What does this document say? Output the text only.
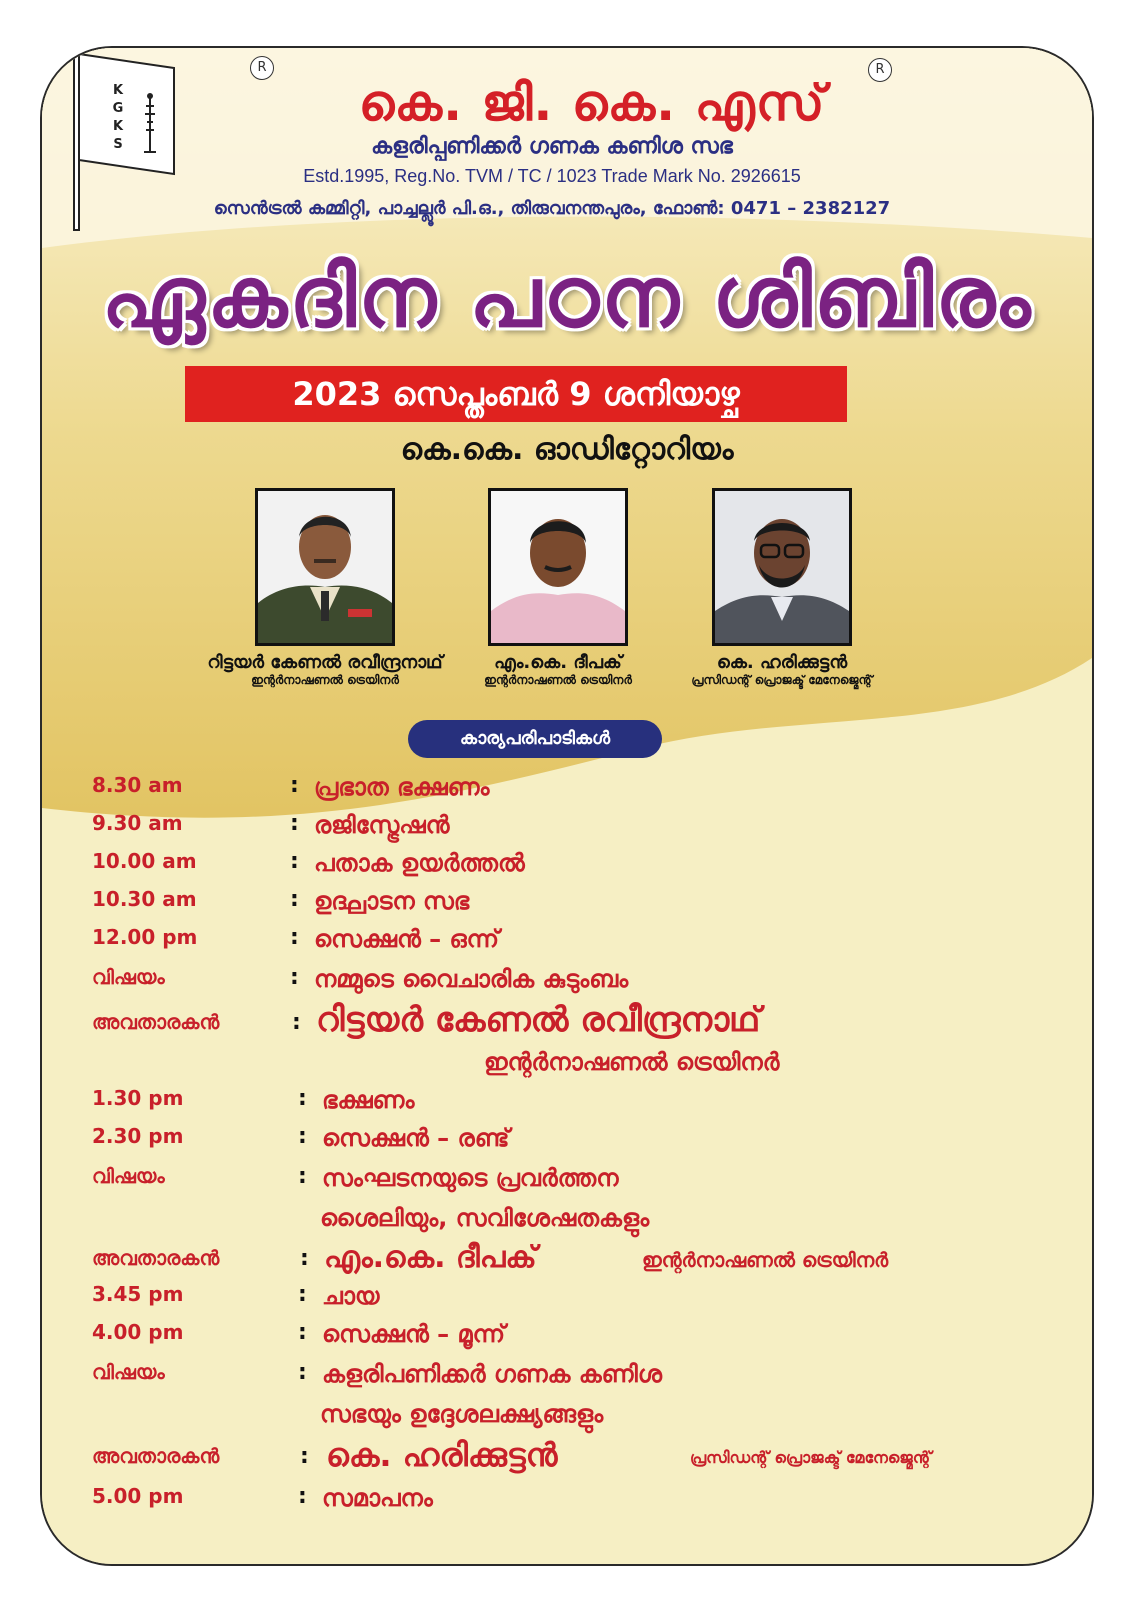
K
G
K
S
R	R
കെ. ജി. കെ. എസ്
കളരിപ്പണിക്കർ ഗണക കണിശ സഭ
Estd.1995, Reg.No. TVM / TC / 1023 Trade Mark No. 2926615
സെൻട്രൽ കമ്മിറ്റി, പാച്ചല്ലൂർ പി.ഒ., തിരുവനന്തപുരം, ഫോൺ: 0471 – 2382127
ഏകദിന പഠന ശിബിരം
2023 സെപ്തംബർ 9 ശനിയാഴ്ച
കെ.കെ. ഓഡിറ്റോറിയം
റിട്ടയർ കേണൽ രവീന്ദ്രനാഥ്
ഇന്റർനാഷണൽ ട്രെയിനർ
എം.കെ. ദീപക്
ഇന്റർനാഷണൽ ട്രെയിനർ
കെ. ഹരിക്കുട്ടൻ
പ്രസിഡന്റ് പ്രൊജക്ട് മേനേജ്മെന്റ്
കാര്യപരിപാടികൾ
8.30 am	: പ്രഭാത ഭക്ഷണം
9.30 am	: രജിസ്ട്രേഷൻ
10.00 am	: പതാക ഉയർത്തൽ
10.30 am	: ഉദ്ഘാടന സഭ
12.00 pm	: സെക്ഷൻ – ഒന്ന്
വിഷയം	: നമ്മുടെ വൈചാരിക കുടുംബം
അവതാരകൻ	: റിട്ടയർ കേണൽ രവീന്ദ്രനാഥ്
ഇന്റർനാഷണൽ ട്രെയിനർ
1.30 pm	: ഭക്ഷണം
2.30 pm	: സെക്ഷൻ – രണ്ട്
വിഷയം	: സംഘടനയുടെ പ്രവർത്തന
ശൈലിയും, സവിശേഷതകളും
അവതാരകൻ	: എം.കെ. ദീപക്	ഇന്റർനാഷണൽ ട്രെയിനർ
3.45 pm	: ചായ
4.00 pm	: സെക്ഷൻ – മൂന്ന്
വിഷയം	: കളരിപണിക്കർ ഗണക കണിശ
സഭയും ഉദ്ദേശലക്ഷ്യങ്ങളും
അവതാരകൻ	: കെ. ഹരിക്കുട്ടൻ	പ്രസിഡന്റ് പ്രൊജക്ട് മേനേജ്മെന്റ്
5.00 pm	: സമാപനം
